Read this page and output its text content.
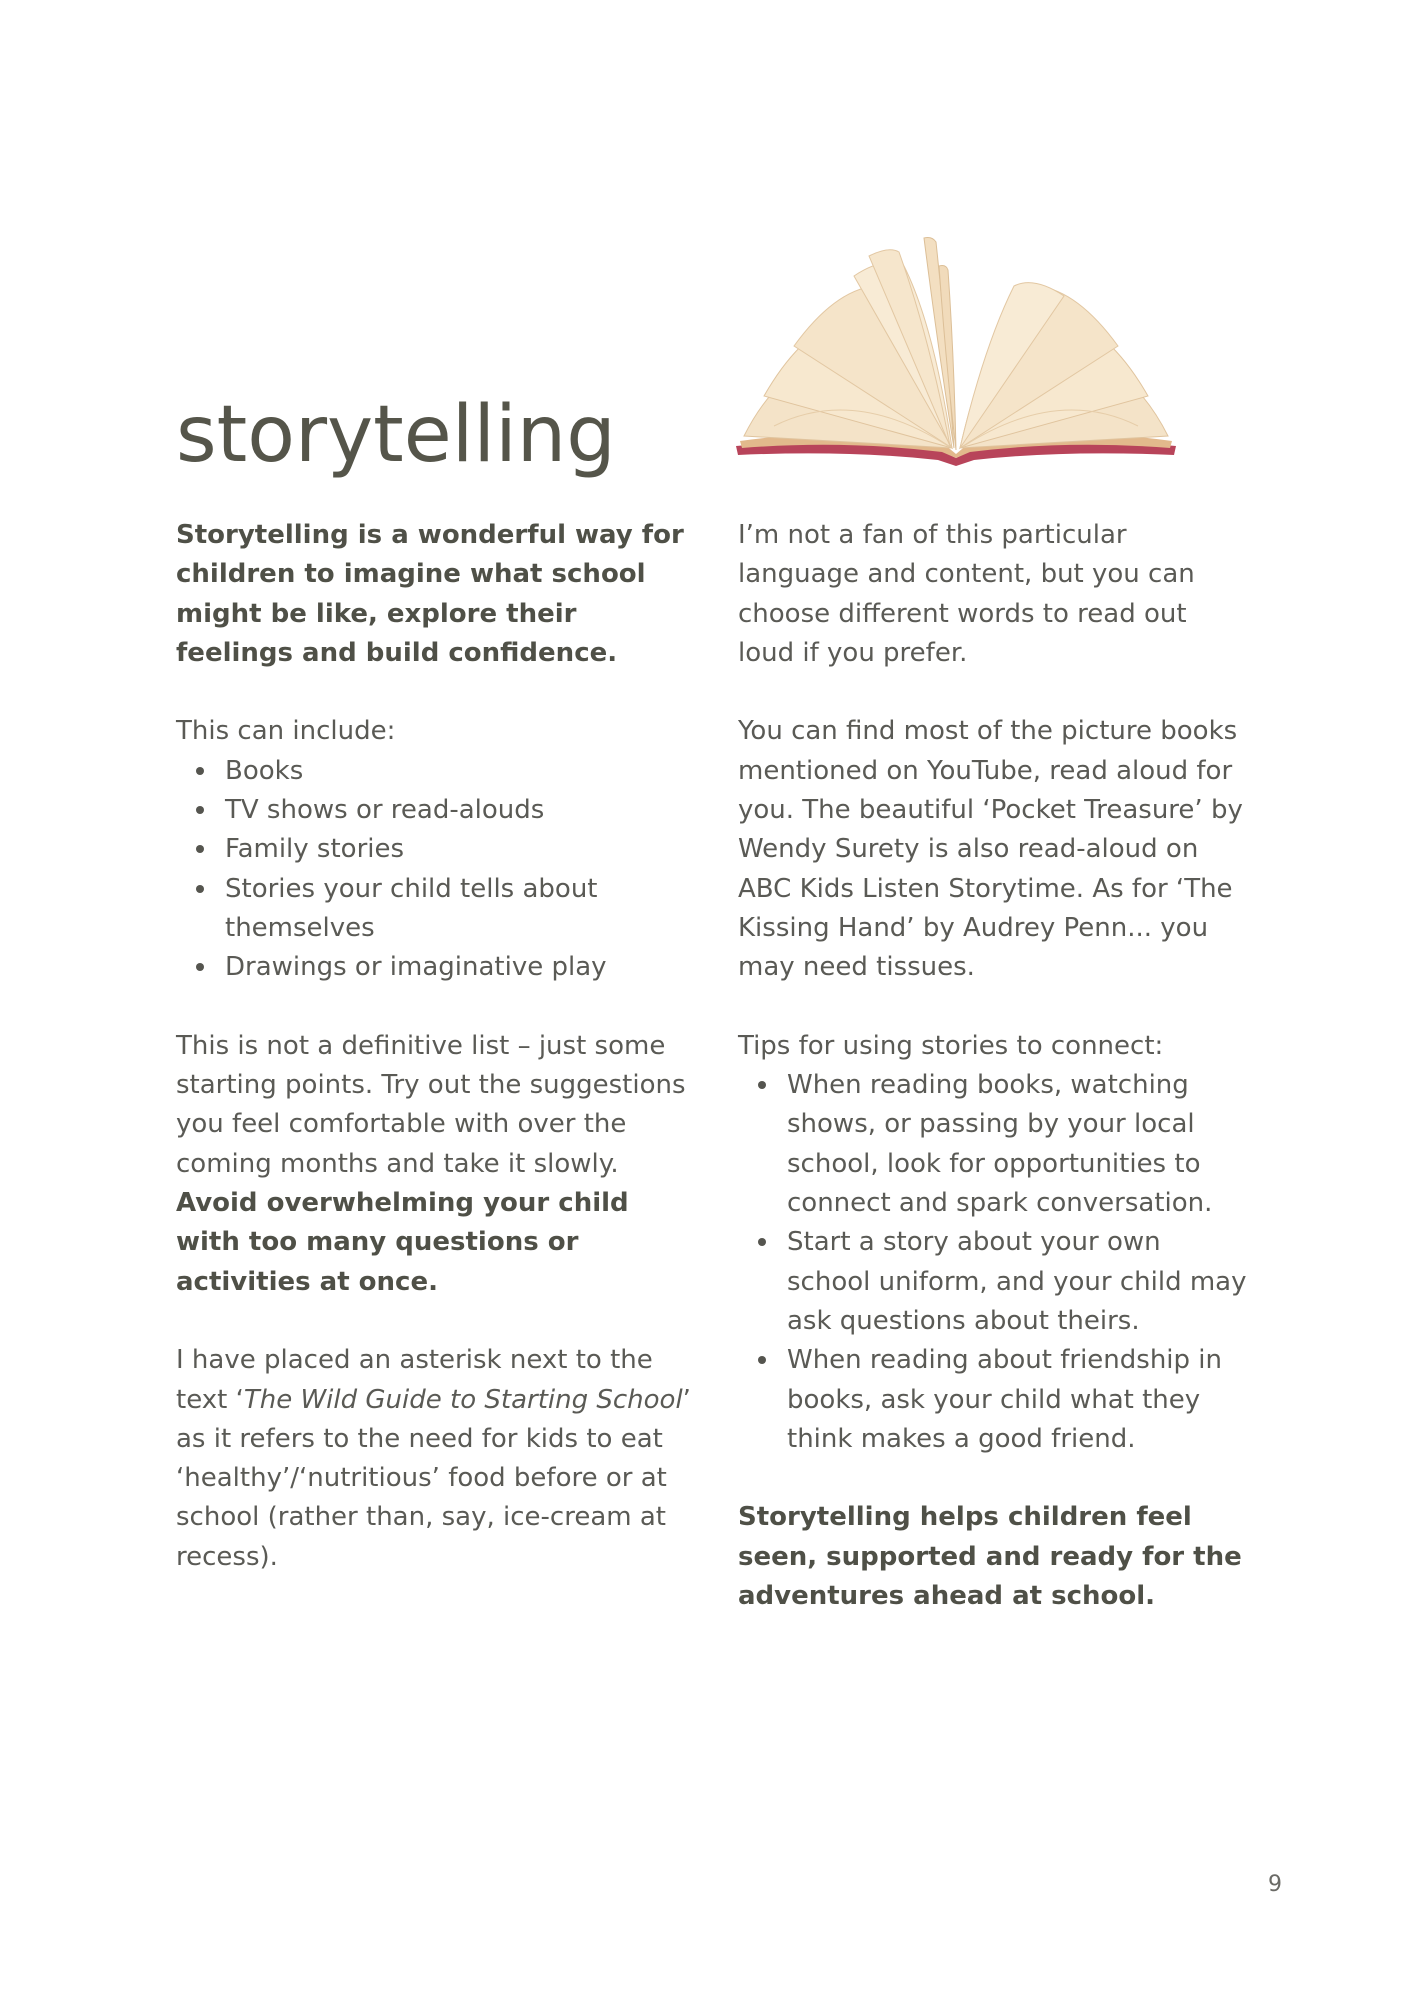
storytelling

Storytelling is a wonderful way for children to imagine what school might be like, explore their feelings and build confidence.

This can include:

Books
TV shows or read-alouds
Family stories
Stories your child tells about themselves
Drawings or imaginative play

This is not a definitive list – just some starting points. Try out the suggestions you feel comfortable with over the coming months and take it slowly. Avoid overwhelming your child with too many questions or activities at once.

I have placed an asterisk next to the text ‘The Wild Guide to Starting School’ as it refers to the need for kids to eat ‘healthy’/‘nutritious’ food before or at school (rather than, say, ice-cream at recess).

I’m not a fan of this particular language and content, but you can choose different words to read out loud if you prefer.

You can find most of the picture books mentioned on YouTube, read aloud for you. The beautiful ‘Pocket Treasure’ by Wendy Surety is also read-aloud on ABC Kids Listen Storytime. As for ‘The Kissing Hand’ by Audrey Penn... you may need tissues.

Tips for using stories to connect:

When reading books, watching shows, or passing by your local school, look for opportunities to connect and spark conversation.
Start a story about your own school uniform, and your child may ask questions about theirs.
When reading about friendship in books, ask your child what they think makes a good friend.

Storytelling helps children feel seen, supported and ready for the adventures ahead at school.

9
